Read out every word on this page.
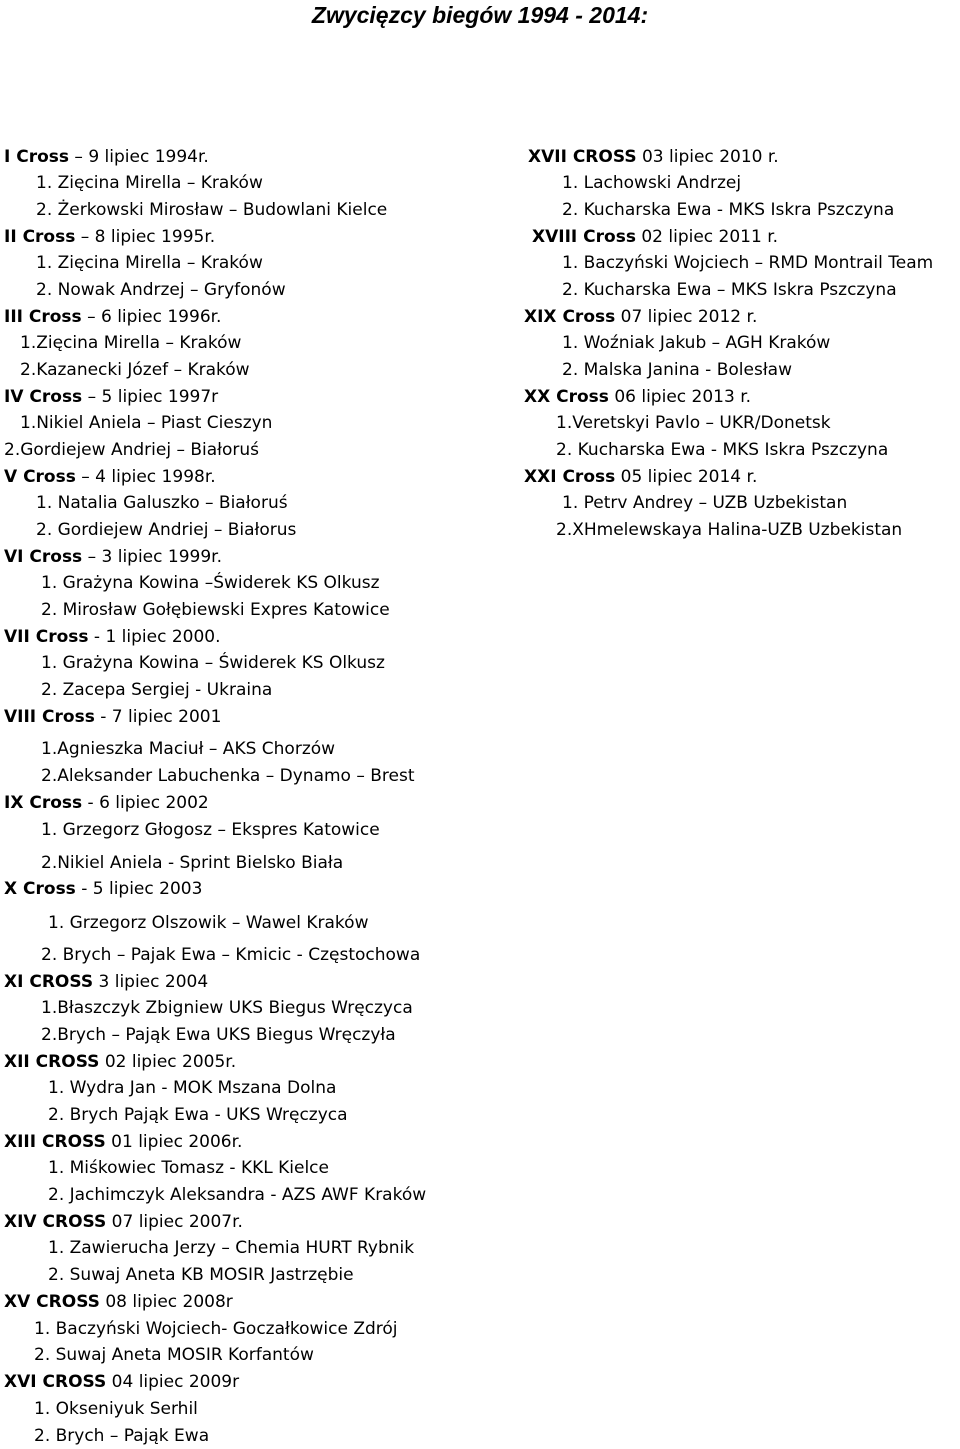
Zwycięzcy biegów 1994 - 2014:
I Cross – 9 lipiec 1994r.
1. Zięcina Mirella – Kraków
2. Żerkowski Mirosław – Budowlani Kielce
II Cross – 8 lipiec 1995r.
1. Zięcina Mirella – Kraków
2. Nowak Andrzej – Gryfonów
III Cross – 6 lipiec 1996r.
1.Zięcina Mirella – Kraków
2.Kazanecki Józef – Kraków
IV Cross – 5 lipiec 1997r
1.Nikiel Aniela – Piast Cieszyn
2.Gordiejew Andriej – Białoruś
V Cross – 4 lipiec 1998r.
1. Natalia Galuszko – Białoruś
2. Gordiejew Andriej – Białorus
VI Cross – 3 lipiec 1999r.
1. Grażyna Kowina –Świderek KS Olkusz
2. Mirosław Gołębiewski Expres Katowice
VII Cross - 1 lipiec 2000.
1. Grażyna Kowina – Świderek KS Olkusz
2. Zacepa Sergiej - Ukraina
VIII Cross - 7 lipiec 2001
1.Agnieszka Maciuł – AKS Chorzów
2.Aleksander Labuchenka – Dynamo – Brest
IX Cross - 6 lipiec 2002
1. Grzegorz Głogosz – Ekspres Katowice
2.Nikiel Aniela - Sprint Bielsko Biała
X Cross - 5 lipiec 2003
1. Grzegorz Olszowik – Wawel Kraków
2. Brych – Pajak Ewa – Kmicic - Częstochowa
XI CROSS 3 lipiec 2004
1.Błaszczyk Zbigniew UKS Biegus Wręczyca
2.Brych – Pająk Ewa UKS Biegus Wręczyła
XII CROSS 02 lipiec 2005r.
1. Wydra Jan - MOK Mszana Dolna
2. Brych Pająk Ewa - UKS Wręczyca
XIII CROSS 01 lipiec 2006r.
1. Miśkowiec Tomasz - KKL Kielce
2. Jachimczyk Aleksandra - AZS AWF Kraków
XIV CROSS 07 lipiec 2007r.
1. Zawierucha Jerzy – Chemia HURT Rybnik
2. Suwaj Aneta KB MOSIR Jastrzębie
XV CROSS 08 lipiec 2008r
1. Baczyński Wojciech- Goczałkowice Zdrój
2. Suwaj Aneta MOSIR Korfantów
XVI CROSS 04 lipiec 2009r
1. Okseniyuk Serhil
2. Brych – Pająk Ewa
XVII CROSS 03 lipiec 2010 r.
1. Lachowski Andrzej
2. Kucharska Ewa - MKS Iskra Pszczyna
XVIII Cross 02 lipiec 2011 r.
1. Baczyński Wojciech – RMD Montrail Team
2. Kucharska Ewa – MKS Iskra Pszczyna
XIX Cross 07 lipiec 2012 r.
1. Woźniak Jakub – AGH Kraków
2. Malska Janina - Bolesław
XX Cross 06 lipiec 2013 r.
1.Veretskyi Pavlo – UKR/Donetsk
2. Kucharska Ewa - MKS Iskra Pszczyna
XXI Cross 05 lipiec 2014 r.
1. Petrv Andrey – UZB Uzbekistan
2.XHmelewskaya Halina-UZB Uzbekistan
